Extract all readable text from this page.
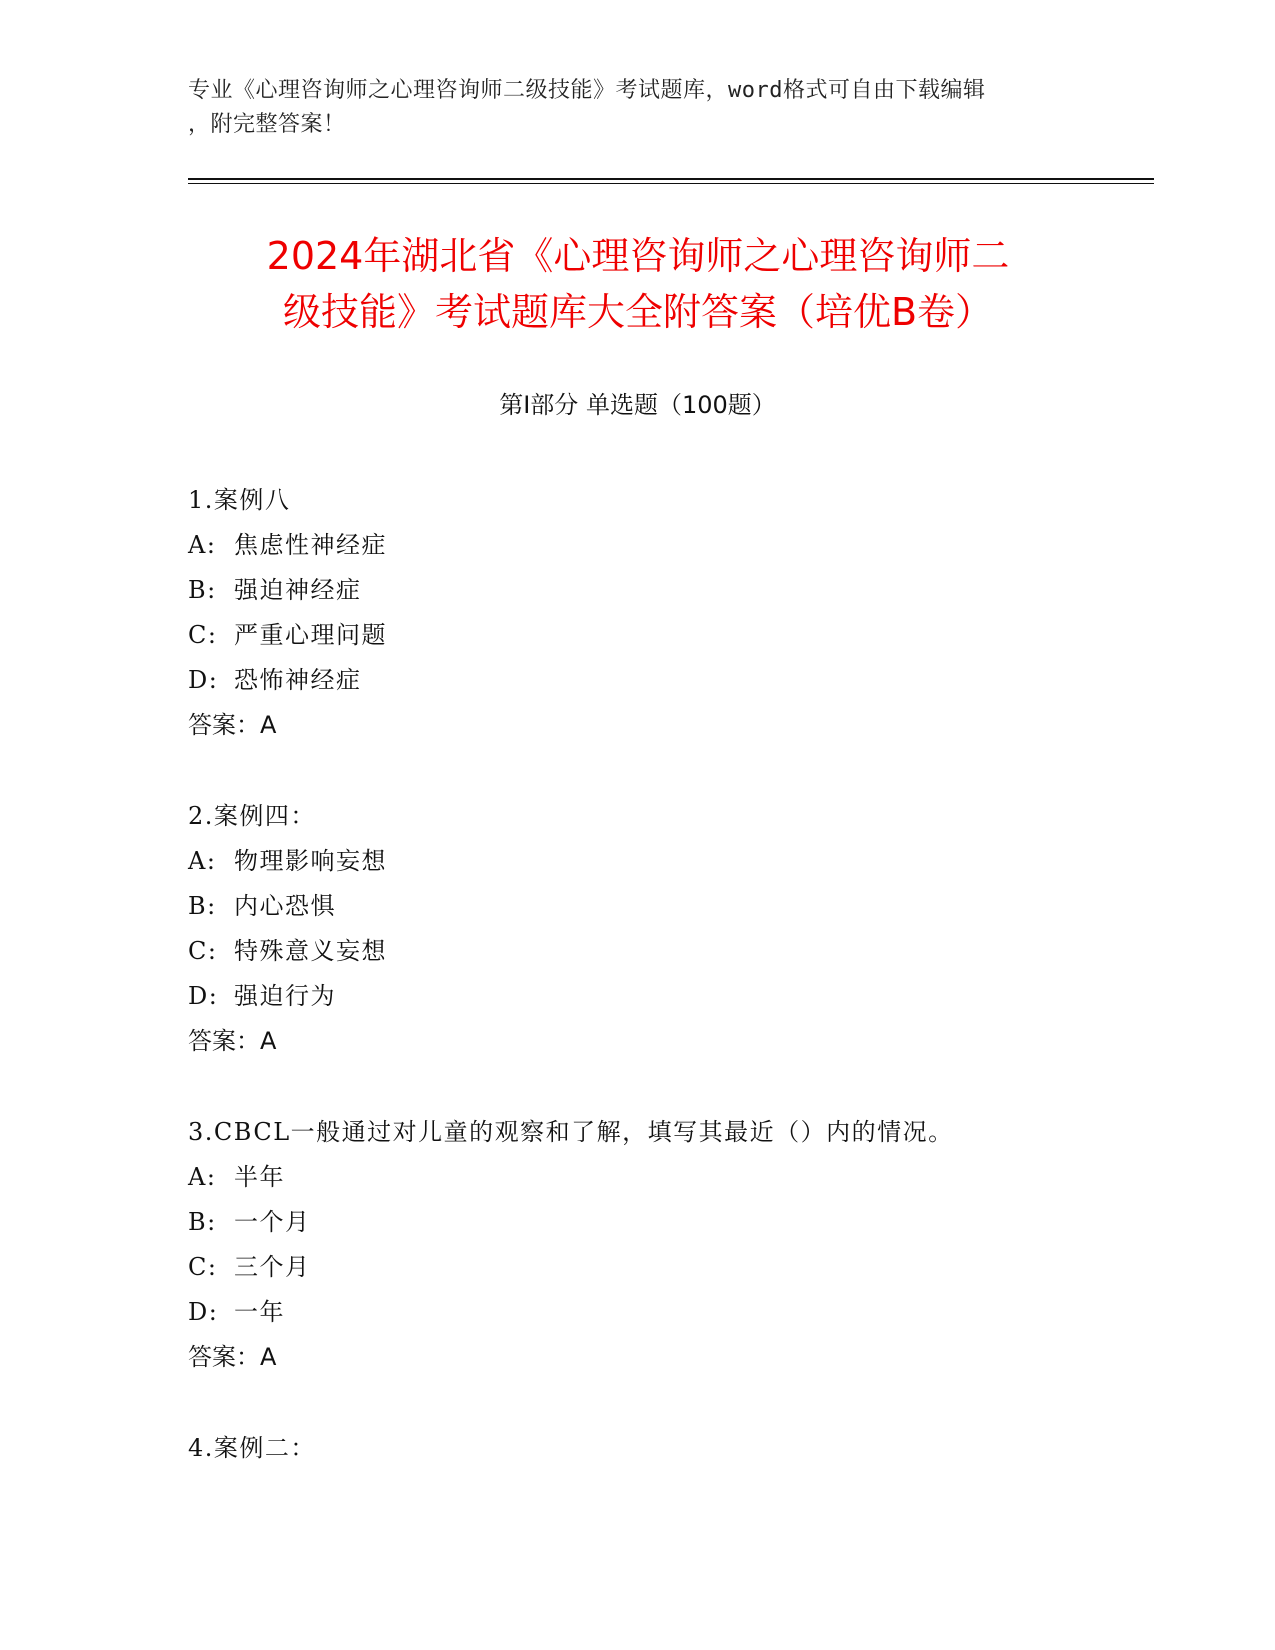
专业《心理咨询师之心理咨询师二级技能》考试题库，word格式可自由下载编辑
，附完整答案！
2024年湖北省《心理咨询师之心理咨询师二
级技能》考试题库大全附答案（培优B卷）
第Ⅰ部分 单选题（100题）
1.案例八
A: 焦虑性神经症
B: 强迫神经症
C: 严重心理问题
D: 恐怖神经症
答案：A
2.案例四：
A: 物理影响妄想
B: 内心恐惧
C: 特殊意义妄想
D: 强迫行为
答案：A
3.CBCL一般通过对儿童的观察和了解，填写其最近（）内的情况。
A: 半年
B: 一个月
C: 三个月
D: 一年
答案：A
4.案例二：
